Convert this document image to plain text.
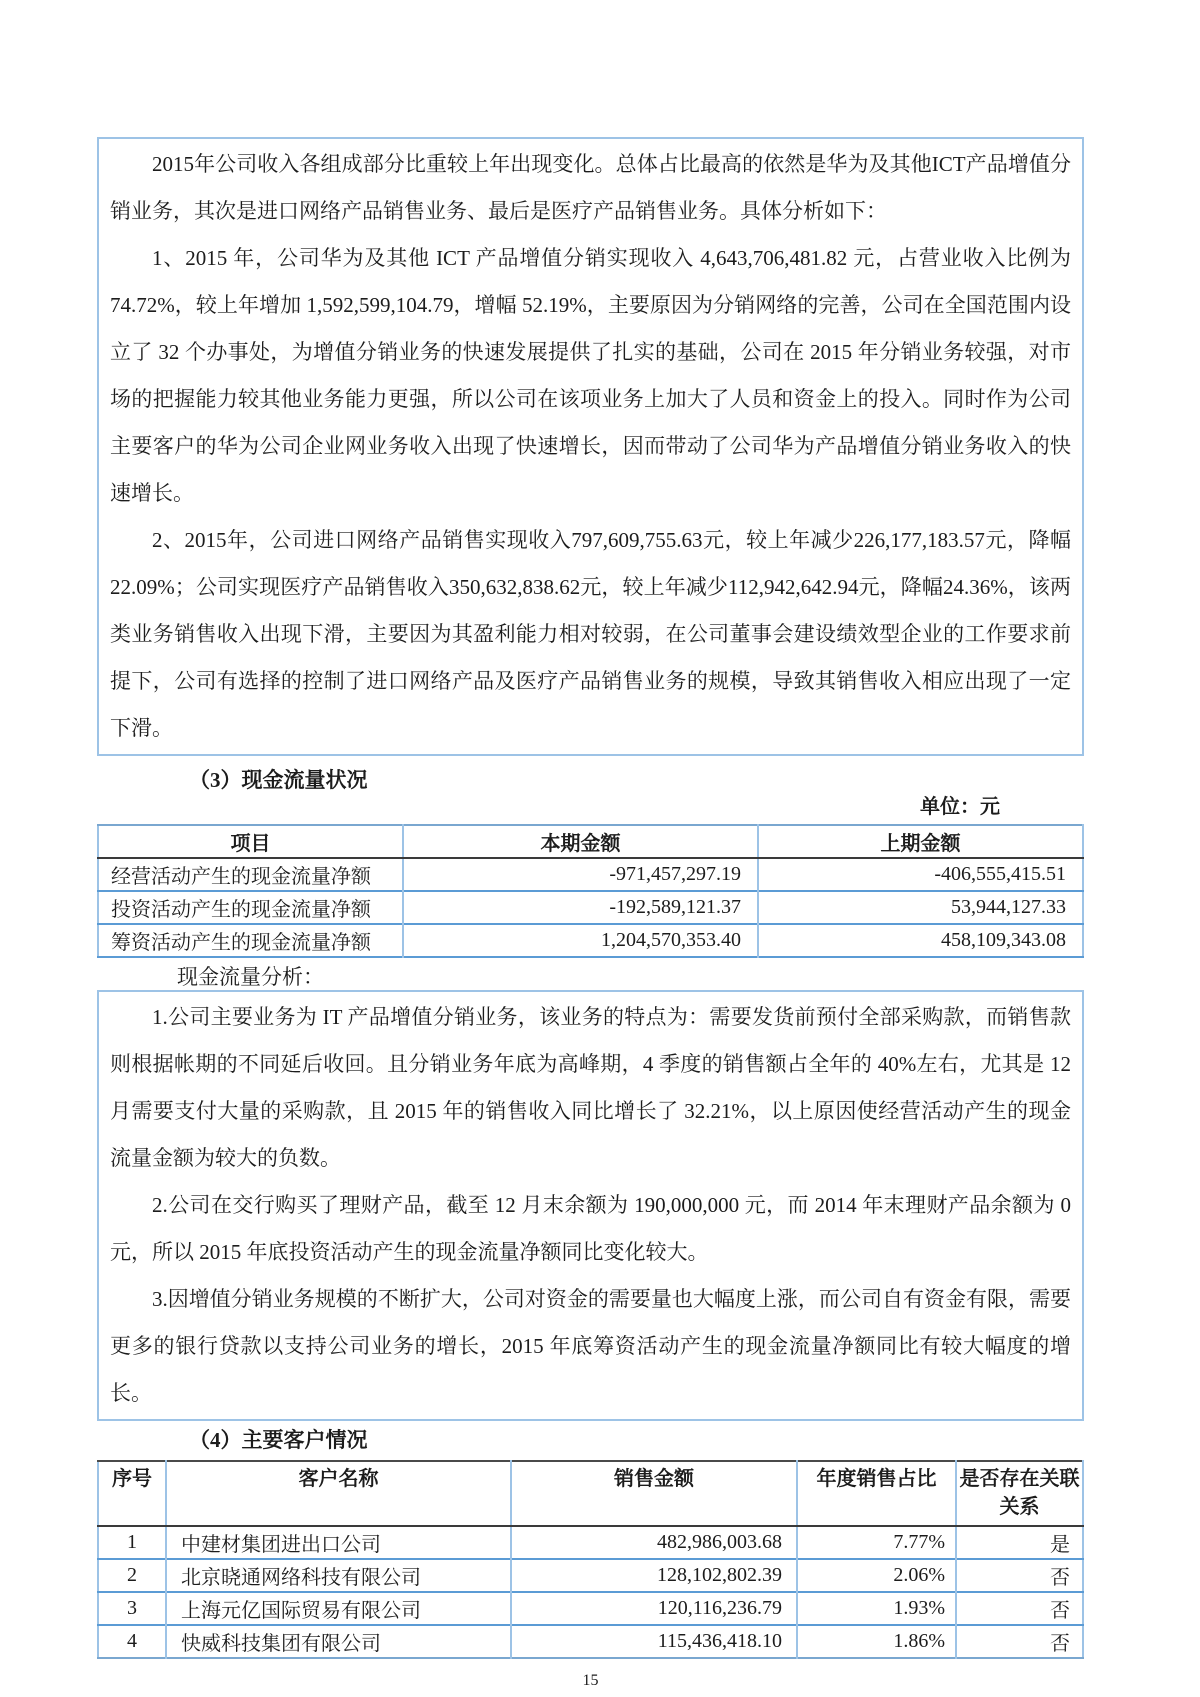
2015年公司收入各组成部分比重较上年出现变化。总体占比最高的依然是华为及其他ICT产品增值分销业务，其次是进口网络产品销售业务、最后是医疗产品销售业务。具体分析如下：

1、2015 年，公司华为及其他 ICT 产品增值分销实现收入 4,643,706,481.82 元，占营业收入比例为74.72%，较上年增加 1,592,599,104.79，增幅 52.19%，主要原因为分销网络的完善，公司在全国范围内设立了 32 个办事处，为增值分销业务的快速发展提供了扎实的基础，公司在 2015 年分销业务较强，对市场的把握能力较其他业务能力更强，所以公司在该项业务上加大了人员和资金上的投入。同时作为公司主要客户的华为公司企业网业务收入出现了快速增长，因而带动了公司华为产品增值分销业务收入的快速增长。

2、2015年，公司进口网络产品销售实现收入797,609,755.63元，较上年减少226,177,183.57元，降幅22.09%；公司实现医疗产品销售收入350,632,838.62元，较上年减少112,942,642.94元，降幅24.36%，该两类业务销售收入出现下滑，主要因为其盈利能力相对较弱，在公司董事会建设绩效型企业的工作要求前提下，公司有选择的控制了进口网络产品及医疗产品销售业务的规模，导致其销售收入相应出现了一定下滑。

（3）现金流量状况
单位：元
项目	本期金额	上期金额
经营活动产生的现金流量净额	-971,457,297.19	-406,555,415.51
投资活动产生的现金流量净额	-192,589,121.37	53,944,127.33
筹资活动产生的现金流量净额	1,204,570,353.40	458,109,343.08
现金流量分析：

1.公司主要业务为 IT 产品增值分销业务，该业务的特点为：需要发货前预付全部采购款，而销售款则根据帐期的不同延后收回。且分销业务年底为高峰期，4 季度的销售额占全年的 40%左右，尤其是 12 月需要支付大量的采购款，且 2015 年的销售收入同比增长了 32.21%，以上原因使经营活动产生的现金流量金额为较大的负数。

2.公司在交行购买了理财产品，截至 12 月末余额为 190,000,000 元，而 2014 年末理财产品余额为 0 元，所以 2015 年底投资活动产生的现金流量净额同比变化较大。

3.因增值分销业务规模的不断扩大，公司对资金的需要量也大幅度上涨，而公司自有资金有限，需要更多的银行贷款以支持公司业务的增长，2015 年底筹资活动产生的现金流量净额同比有较大幅度的增长。

（4）主要客户情况
序号	客户名称	销售金额	年度销售占比	是否存在关联关系
1	中建材集团进出口公司	482,986,003.68	7.77%	是
2	北京晓通网络科技有限公司	128,102,802.39	2.06%	否
3	上海元亿国际贸易有限公司	120,116,236.79	1.93%	否
4	快威科技集团有限公司	115,436,418.10	1.86%	否
15
